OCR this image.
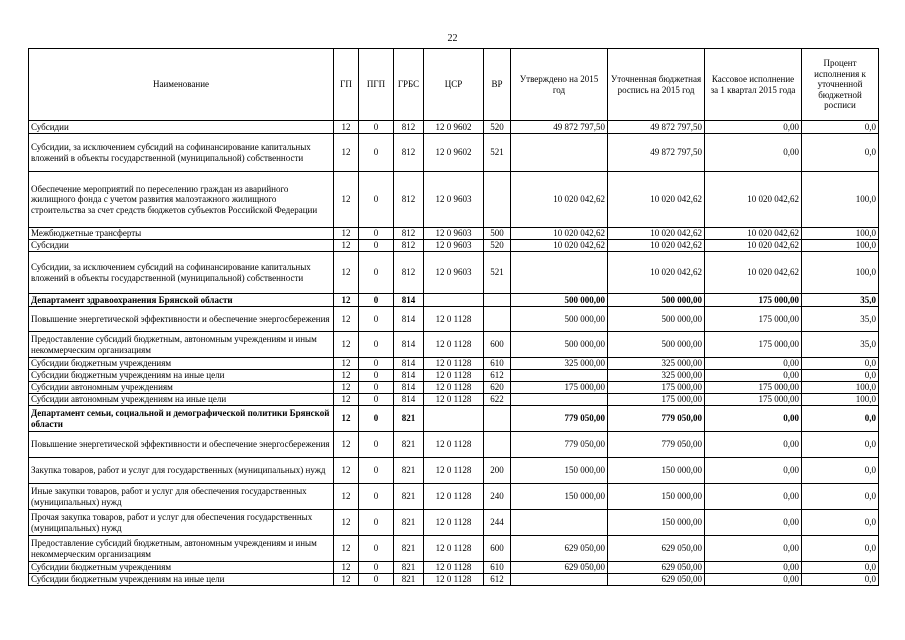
22
Наименование	ГП	ПГП	ГРБС	ЦСР	ВР	Утверждено на 2015 год	Уточненная бюджетная роспись на 2015 год	Кассовое исполнение за 1 квартал 2015 года	Процент исполнения к уточненной бюджетной росписи
Субсидии	12	0	812	12 0 9602	520	49 872 797,50	49 872 797,50	0,00	0,0
Субсидии, за исключением субсидий на софинансирование капитальных вложений в объекты государственной (муниципальной) собственности	12	0	812	12 0 9602	521		49 872 797,50	0,00	0,0
Обеспечение мероприятий по переселению граждан из аварийного жилищного фонда с учетом развития малоэтажного жилищного строительства за счет средств бюджетов субъектов Российской Федерации	12	0	812	12 0 9603		10 020 042,62	10 020 042,62	10 020 042,62	100,0
Межбюджетные трансферты	12	0	812	12 0 9603	500	10 020 042,62	10 020 042,62	10 020 042,62	100,0
Субсидии	12	0	812	12 0 9603	520	10 020 042,62	10 020 042,62	10 020 042,62	100,0
Субсидии, за исключением субсидий на софинансирование капитальных вложений в объекты государственной (муниципальной) собственности	12	0	812	12 0 9603	521		10 020 042,62	10 020 042,62	100,0
Департамент здравоохранения Брянской области	12	0	814			500 000,00	500 000,00	175 000,00	35,0
Повышение энергетической эффективности и обеспечение энергосбережения	12	0	814	12 0 1128		500 000,00	500 000,00	175 000,00	35,0
Предоставление субсидий бюджетным, автономным учреждениям и иным некоммерческим организациям	12	0	814	12 0 1128	600	500 000,00	500 000,00	175 000,00	35,0
Субсидии бюджетным учреждениям	12	0	814	12 0 1128	610	325 000,00	325 000,00	0,00	0,0
Субсидии бюджетным учреждениям на иные цели	12	0	814	12 0 1128	612		325 000,00	0,00	0,0
Субсидии автономным учреждениям	12	0	814	12 0 1128	620	175 000,00	175 000,00	175 000,00	100,0
Субсидии автономным учреждениям на иные цели	12	0	814	12 0 1128	622		175 000,00	175 000,00	100,0
Департамент семьи, социальной и демографической политики Брянской области	12	0	821			779 050,00	779 050,00	0,00	0,0
Повышение энергетической эффективности и обеспечение энергосбережения	12	0	821	12 0 1128		779 050,00	779 050,00	0,00	0,0
Закупка товаров, работ и услуг для государственных (муниципальных) нужд	12	0	821	12 0 1128	200	150 000,00	150 000,00	0,00	0,0
Иные закупки товаров, работ и услуг для обеспечения государственных (муниципальных) нужд	12	0	821	12 0 1128	240	150 000,00	150 000,00	0,00	0,0
Прочая закупка товаров, работ и услуг для обеспечения государственных (муниципальных) нужд	12	0	821	12 0 1128	244		150 000,00	0,00	0,0
Предоставление субсидий бюджетным, автономным учреждениям и иным некоммерческим организациям	12	0	821	12 0 1128	600	629 050,00	629 050,00	0,00	0,0
Субсидии бюджетным учреждениям	12	0	821	12 0 1128	610	629 050,00	629 050,00	0,00	0,0
Субсидии бюджетным учреждениям на иные цели	12	0	821	12 0 1128	612		629 050,00	0,00	0,0
